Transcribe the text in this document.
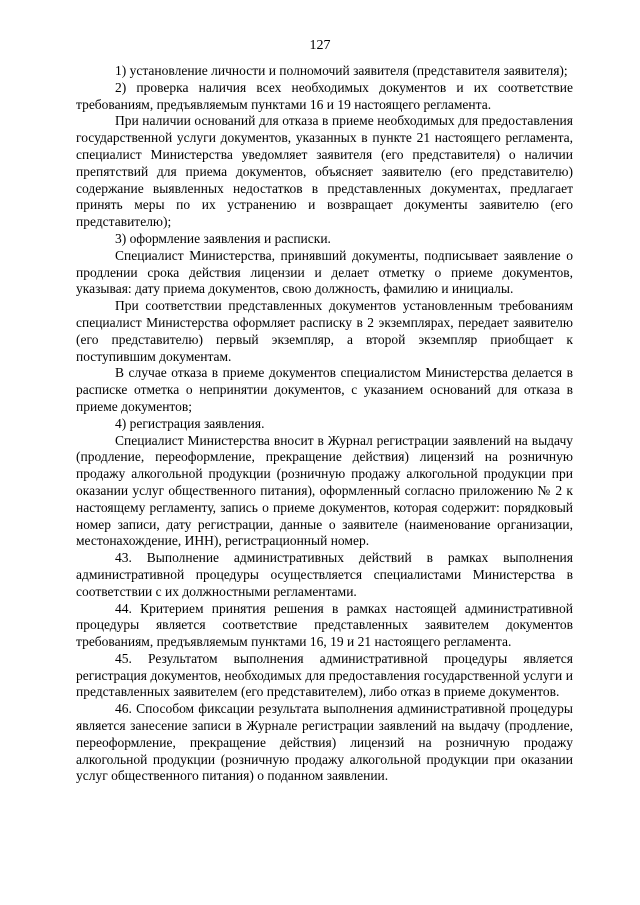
127

1) установление личности и полномочий заявителя (представителя заявителя);

2) проверка наличия всех необходимых документов и их соответствие требованиям, предъявляемым пунктами 16 и 19 настоящего регламента.

При наличии оснований для отказа в приеме необходимых для предоставления государственной услуги документов, указанных в пункте 21 настоящего регламента, специалист Министерства уведомляет заявителя (его представителя) о наличии препятствий для приема документов, объясняет заявителю (его представителю) содержание выявленных недостатков в представленных документах, предлагает принять меры по их устранению и возвращает документы заявителю (его представителю);

3) оформление заявления и расписки.

Специалист Министерства, принявший документы, подписывает заявление о продлении срока действия лицензии и делает отметку о приеме документов, указывая: дату приема документов, свою должность, фамилию и инициалы.

При соответствии представленных документов установленным требованиям специалист Министерства оформляет расписку в 2 экземплярах, передает заявителю (его представителю) первый экземпляр, а второй экземпляр приобщает к поступившим документам.

В случае отказа в приеме документов специалистом Министерства делается в расписке отметка о непринятии документов, с указанием оснований для отказа в приеме документов;

4) регистрация заявления.

Специалист Министерства вносит в Журнал регистрации заявлений на выдачу (продление, переоформление, прекращение действия) лицензий на розничную продажу алкогольной продукции (розничную продажу алкогольной продукции при оказании услуг общественного питания), оформленный согласно приложению № 2 к настоящему регламенту, запись о приеме документов, которая содержит: порядковый номер записи, дату регистрации, данные о заявителе (наименование организации, местонахождение, ИНН), регистрационный номер.

43. Выполнение административных действий в рамках выполнения административной процедуры осуществляется специалистами Министерства в соответствии с их должностными регламентами.

44. Критерием принятия решения в рамках настоящей административной процедуры является соответствие представленных заявителем документов требованиям, предъявляемым пунктами 16, 19 и 21 настоящего регламента.

45. Результатом выполнения административной процедуры является регистрация документов, необходимых для предоставления государственной услуги и представленных заявителем (его представителем), либо отказ в приеме документов.

46. Способом фиксации результата выполнения административной процедуры является занесение записи в Журнале регистрации заявлений на выдачу (продление, переоформление, прекращение действия) лицензий на розничную продажу алкогольной продукции (розничную продажу алкогольной продукции при оказании услуг общественного питания) о поданном заявлении.
